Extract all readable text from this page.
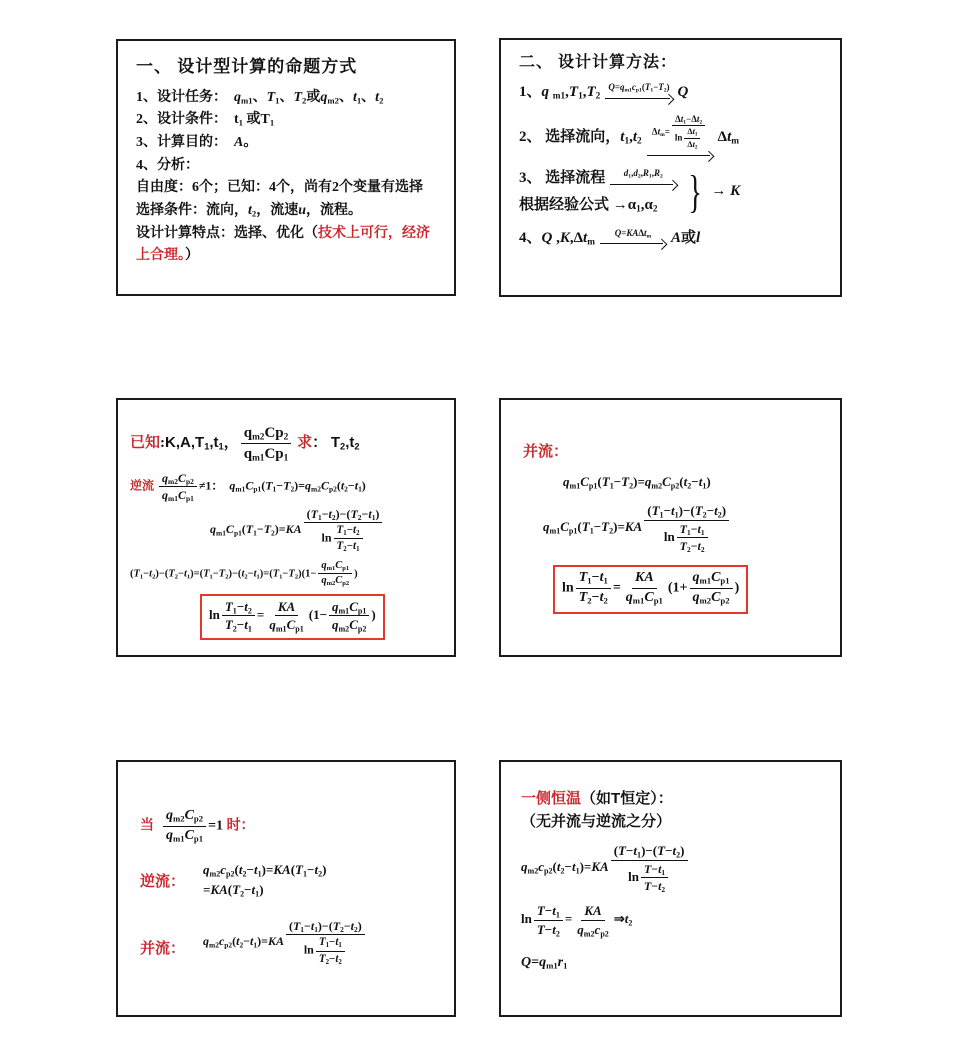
一、 设计型计算的命题方式
1、设计任务：  $q_{m1}$、$T_1$、$T_2$或$q_{m2}$、$t_1$、$t_2$
2、设计条件：  $t_1$ 或$T_1$
3、计算目的：  A。
4、分析：
自由度：6个；已知：4个，尚有2个变量有选择
选择条件：流向，$t_2$，流速u，流程。
设计计算特点：选择、优化（技术上可行，经济
上合理。）
二、 设计计算方法：
1、q $_{m1},T_1,T_2$
$Q=q_{m1}c_{p1}(T_1-T_2)$ Q
2、 选择流向，$t_1,t_2$
$\Delta t_m= \frac{\Delta t_1-\Delta t_2}{\ln \frac{\Delta t_1}{\Delta t_2}} \Delta t_m$
3、 选择流程	$d_1,d_2,R_1,R_2$
根据经验公式 $\to\alpha_1,\alpha_2$ } → K
4、Q $,K,\Delta t_m$
Q=KAΔt$_m$ A或l
已知$:K,A,T_1,t_1$， $\frac{q_{m2}Cp_2}{q_{m1}Cp_1}$ 求： $T_2,t_2$
逆流 $\frac{q_{m2}C_{p2}}{q_{m1}C_{p1}} \ne 1$：  $q_{m1}C_{p1}(T_1-T_2)=q_{m2}C_{p2}(t_2-t_1)$
$q_{m1}C_{p1}(T_1-T_2)=KA \frac{(T_1-t_2)-(T_2-t_1)}{\ln \frac{T_1-t_2}{T_2-t_1}}$
$(T_1-t_2)-(T_2-t_1)=(T_1-T_2)-(t_2-t_1)=(T_1-T_2)(1- \frac{q_{m1}C_{p1}}{q_{m2}C_{p2}}$ )
$\ln \frac{T_1-t_2}{T_2-t_1} = \frac{KA}{q_{m1}C_{p1}} (1- \frac{q_{m1}C_{p1}}{q_{m2}C_{p2}}$ )
并流：
$q_{m1}C_{p1}(T_1-T_2)=q_{m2}C_{p2}(t_2-t_1)$
$q_{m1}C_{p1}(T_1-T_2)=KA \frac{(T_1-t_1)-(T_2-t_2)}{\ln \frac{T_1-t_1}{T_2-t_2}}$
$\ln \frac{T_1-t_1}{T_2-t_2} = \frac{KA}{q_{m1}C_{p1}} (1+ \frac{q_{m1}C_{p1}}{q_{m2}C_{p2}}$ )
当 $\frac{q_{m2}C_{p2}}{q_{m1}C_{p1}} =1$ 时：
逆流：
$q_{m2}c_{p2}(t_2-t_1)=KA(T_1-t_2)$
$=KA(T_2-t_1)$
并流： $q_{m2}c_{p2}(t_2-t_1)=KA \frac{(T_1-t_1)-(T_2-t_2)}{\ln \frac{T_1-t_1}{T_2-t_2}}$
一侧恒温（如T恒定）：
（无并流与逆流之分）
$q_{m2}c_{p2}(t_2-t_1)=KA \frac{(T-t_1)-(T-t_2)}{\ln \frac{T-t_1}{T-t_2}}$
$\ln \frac{T-t_1}{T-t_2} = \frac{KA}{q_{m2}c_{p2}}$ $\Rightarrow t_2$
$Q=q_{m1}r_1$
